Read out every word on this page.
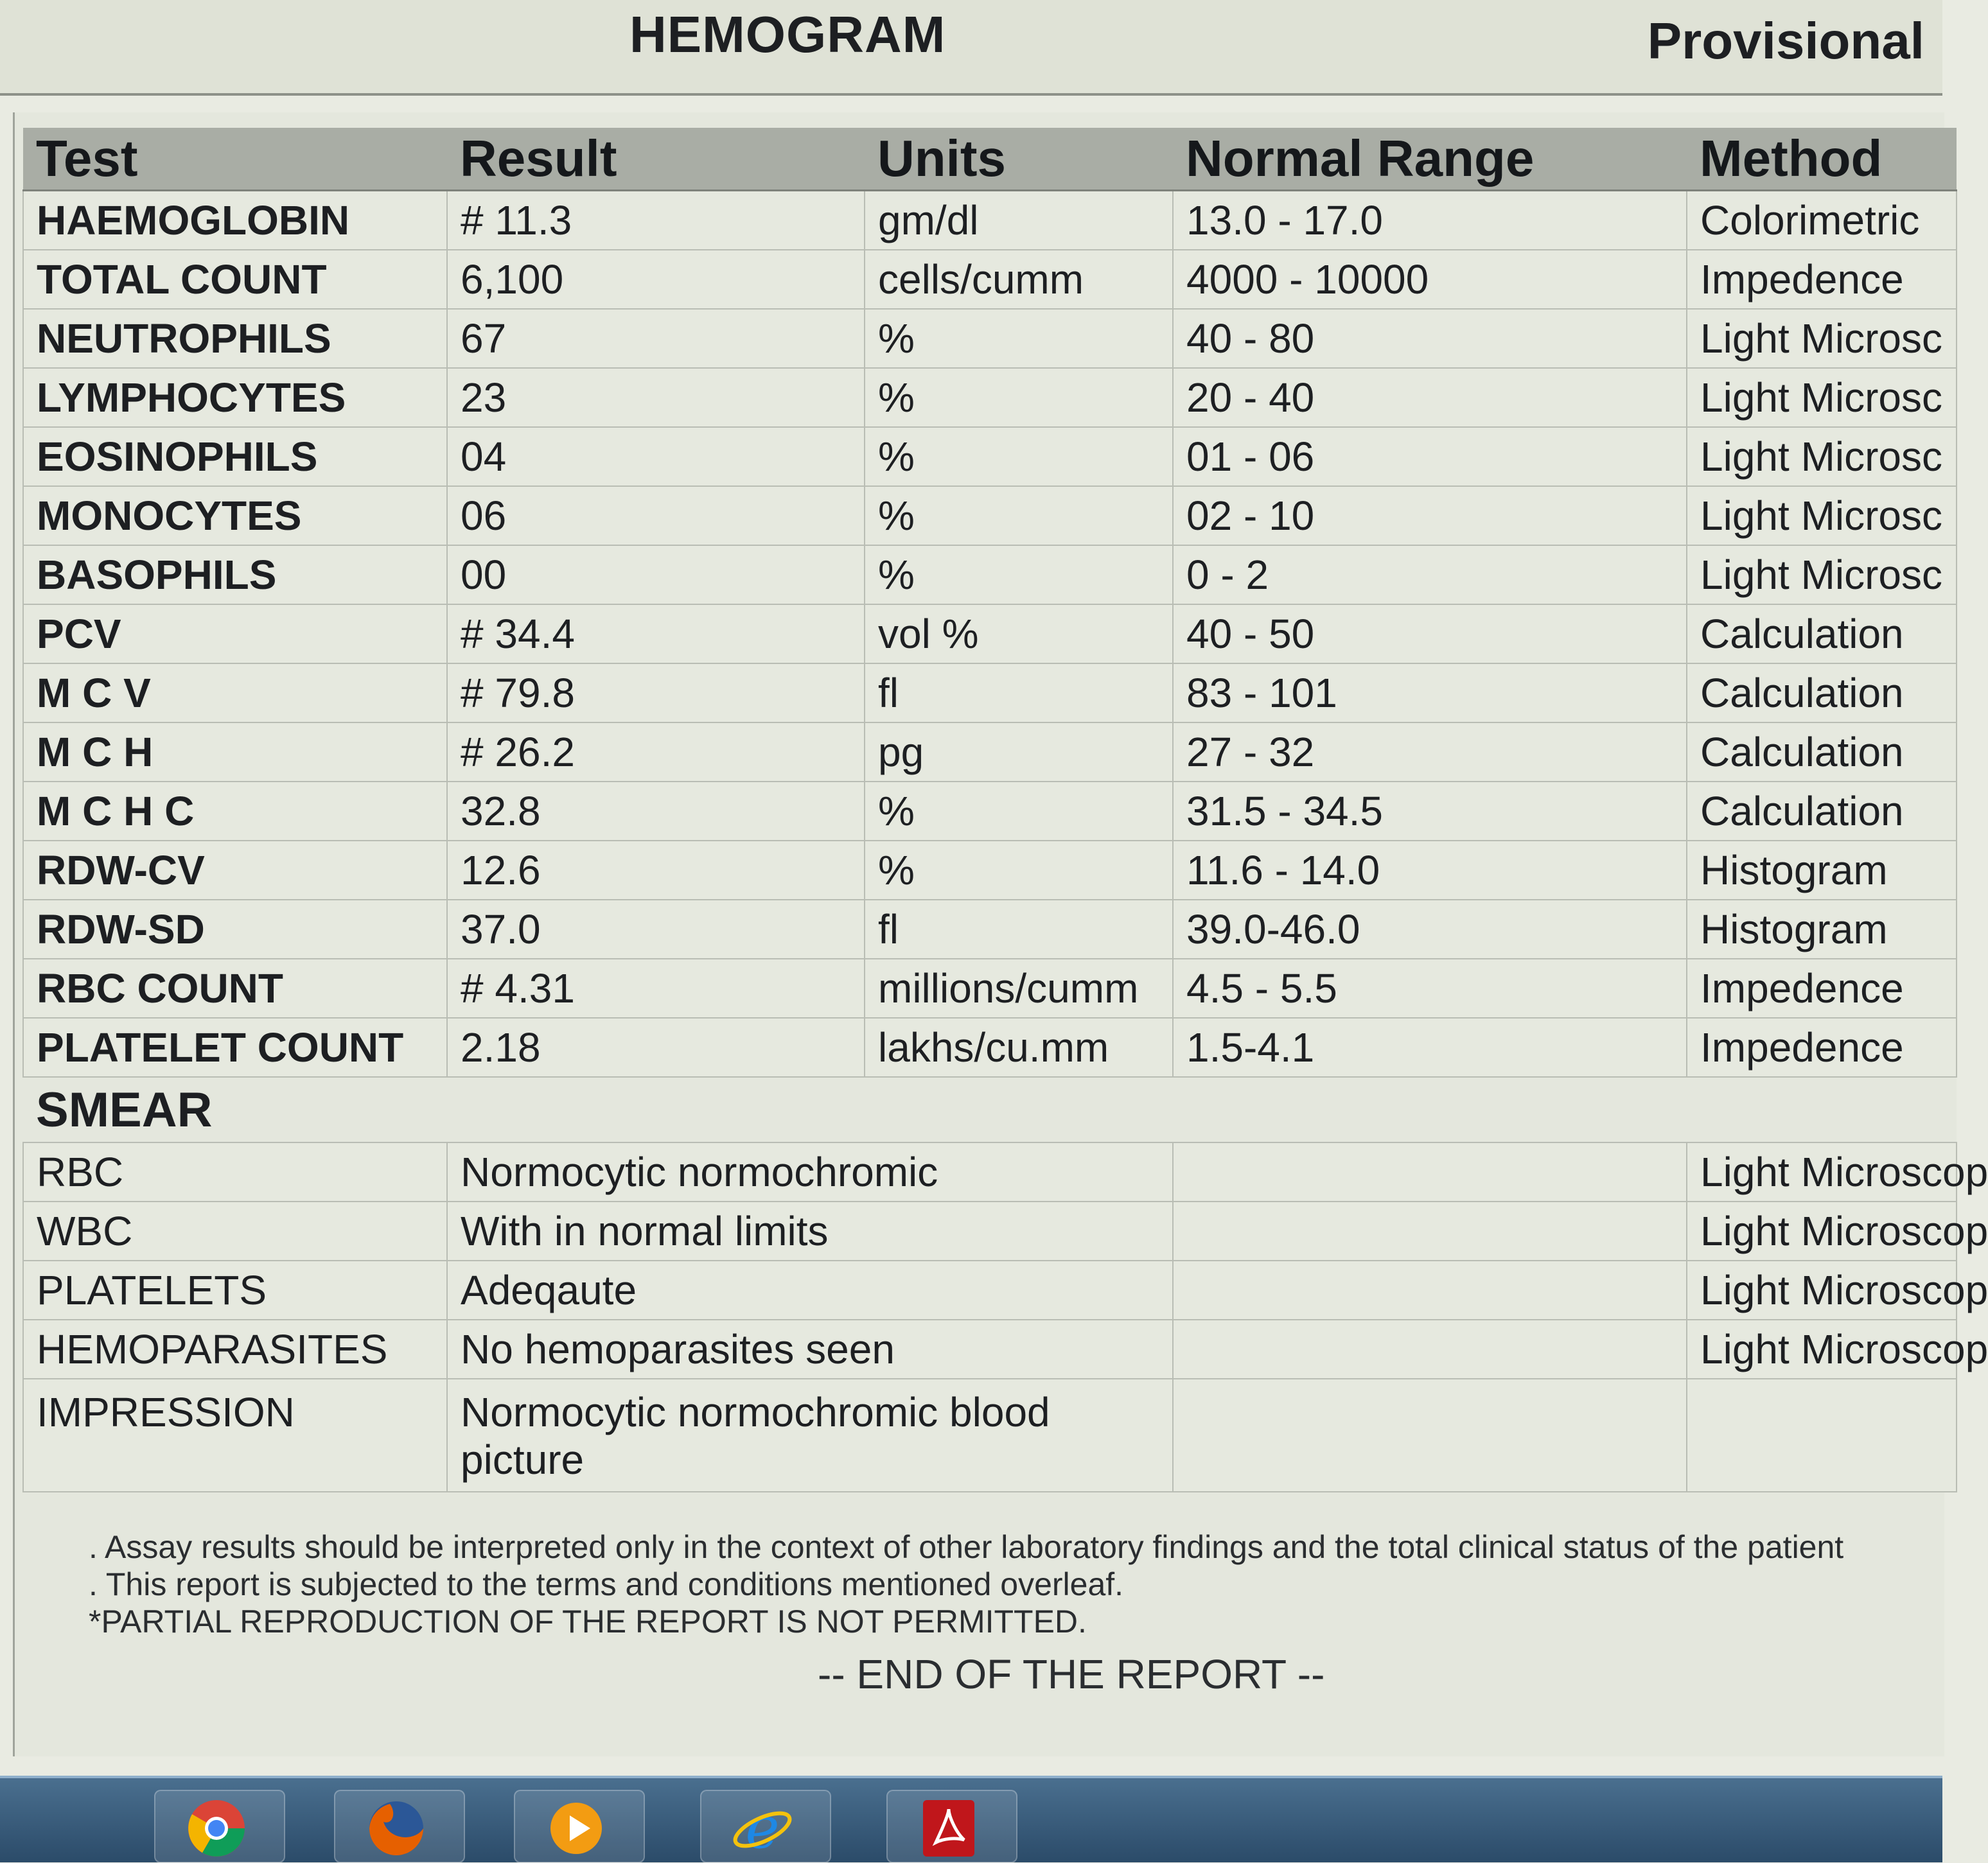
HEMOGRAM	Provisional
Test	Result	Units	Normal Range	Method
HAEMOGLOBIN	# 11.3	gm/dl	13.0 - 17.0	Colorimetric
TOTAL COUNT	6,100	cells/cumm	4000 - 10000	Impedence
NEUTROPHILS	67	%	40 - 80	Light Microsc
LYMPHOCYTES	23	%	20 - 40	Light Microsc
EOSINOPHILS	04	%	01 - 06	Light Microsc
MONOCYTES	06	%	02 - 10	Light Microsc
BASOPHILS	00	%	0 - 2	Light Microsc
PCV	# 34.4	vol %	40 - 50	Calculation
M C V	# 79.8	fl	83 - 101	Calculation
M C H	# 26.2	pg	27 - 32	Calculation
M C H C	32.8	%	31.5 - 34.5	Calculation
RDW-CV	12.6	%	11.6 - 14.0	Histogram
RDW-SD	37.0	fl	39.0-46.0	Histogram
RBC COUNT	# 4.31	millions/cumm	4.5 - 5.5	Impedence
PLATELET COUNT	2.18	lakhs/cu.mm	1.5-4.1	Impedence
SMEAR				
RBC	Normocytic normochromic			Light Microscop
WBC	With in normal limits			Light Microscop
PLATELETS	Adeqaute			Light Microscop
HEMOPARASITES	No hemoparasites seen			Light Microscop
IMPRESSION	Normocytic normochromic blood picture			
. Assay results should be interpreted only in the context of other laboratory findings and the total clinical status of the patient
. This report is subjected to the terms and conditions mentioned overleaf.
*PARTIAL REPRODUCTION OF THE REPORT IS NOT PERMITTED.
-- END OF THE REPORT --
e
